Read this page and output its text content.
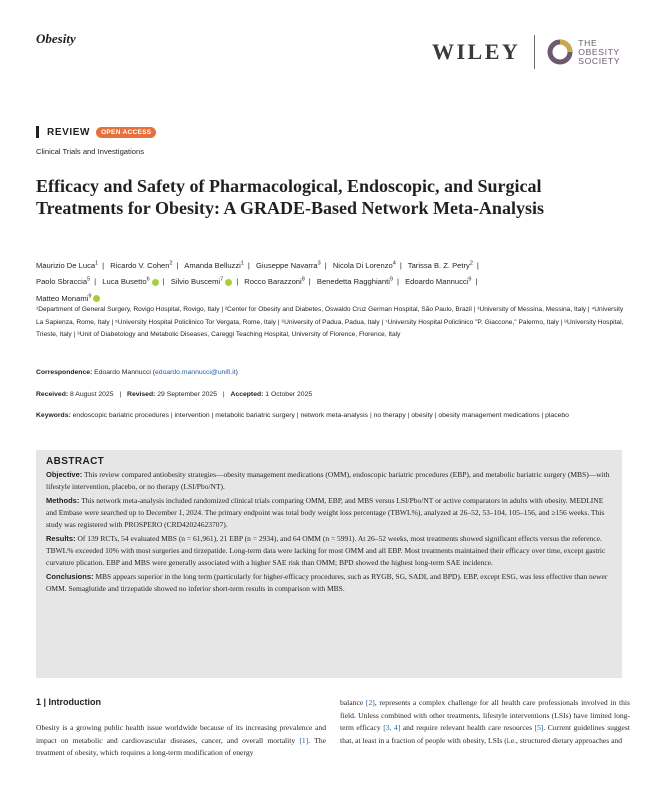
Obesity
WILEY	THE
OBESITY
SOCIETY
REVIEW	OPEN ACCESS
Clinical Trials and Investigations
Efficacy and Safety of Pharmacological, Endoscopic, and Surgical Treatments for Obesity: A GRADE-Based Network Meta-Analysis
Maurizio De Luca$^1$ | Ricardo V. Cohen$^2$ | Amanda Belluzzi$^1$ | Giuseppe Navarra$^3$ | Nicola Di Lorenzo$^4$ | Tarissa B. Z. Petry$^2$ |
Paolo Sbraccia$^5$ | Luca Busetto$^6$ | Silvio Buscemi$^7$ | Rocco Barazzoni$^8$ | Benedetta Ragghianti$^9$ | Edoardo Mannucci$^9$ |
Matteo Monami$^9$
¹Department of General Surgery, Rovigo Hospital, Rovigo, Italy | ²Center for Obesity and Diabetes, Oswaldo Cruz German Hospital, São Paulo, Brazil | ³University of Messina, Messina, Italy | ⁴University La Sapienza, Rome, Italy | ⁵University Hospital Policlinico Tor Vergata, Rome, Italy | ⁶University of Padua, Padua, Italy | ⁷University Hospital Policlinico "P. Giaccone," Palermo, Italy | ⁸University Hospital, Trieste, Italy | ⁹Unit of Diabetology and Metabolic Diseases, Careggi Teaching Hospital, University of Florence, Florence, Italy
Correspondence: Edoardo Mannucci (edoardo.mannucci@unifi.it)
Received: 8 August 2025 | Revised: 29 September 2025 | Accepted: 1 October 2025
Keywords: endoscopic bariatric procedures | intervention | metabolic bariatric surgery | network meta-analysis | no therapy | obesity | obesity management medications | placebo
ABSTRACT

Objective: This review compared antiobesity strategies—obesity management medications (OMM), endoscopic bariatric procedures (EBP), and metabolic bariatric surgery (MBS)—with lifestyle intervention, placebo, or no therapy (LSI/Pbo/NT).

Methods: This network meta-analysis included randomized clinical trials comparing OMM, EBP, and MBS versus LSI/Pbo/NT or active comparators in adults with obesity. MEDLINE and Embase were searched up to December 1, 2024. The primary endpoint was total body weight loss percentage (TBWL%), analyzed at 26–52, 53–104, 105–156, and ≥156 weeks. This study was registered with PROSPERO (CRD42024623707).

Results: Of 139 RCTs, 54 evaluated MBS (n = 61,961), 21 EBP (n = 2934), and 64 OMM (n = 5991). At 26–52 weeks, most treatments showed significant effects versus the reference. TBWL% exceeded 10% with most surgeries and tirzepatide. Long-term data were lacking for most OMM and all EBP. Most treatments maintained their efficacy over time, except gastric curvature plication. EBP and MBS were generally associated with a higher SAE risk than OMM; BPD showed the highest long-term SAE incidence.

Conclusions: MBS appears superior in the long term (particularly for higher-efficacy procedures, such as RYGB, SG, SADI, and BPD). EBP, except ESG, was less effective than newer OMM. Semaglutide and tirzepatide showed no inferior short-term results in comparison with MBS.

1 | Introduction

Obesity is a growing public health issue worldwide because of its increasing prevalence and impact on metabolic and cardiovascular diseases, cancer, and overall mortality [1]. The treatment of obesity, which requires a long-term modification of energy

balance [2], represents a complex challenge for all health care professionals involved in this field. Unless combined with other treatments, lifestyle interventions (LSIs) have limited long-term efficacy [3, 4] and require relevant health care resources [5]. Current guidelines suggest that, at least in a fraction of people with obesity, LSIs (i.e., structured dietary approaches and
